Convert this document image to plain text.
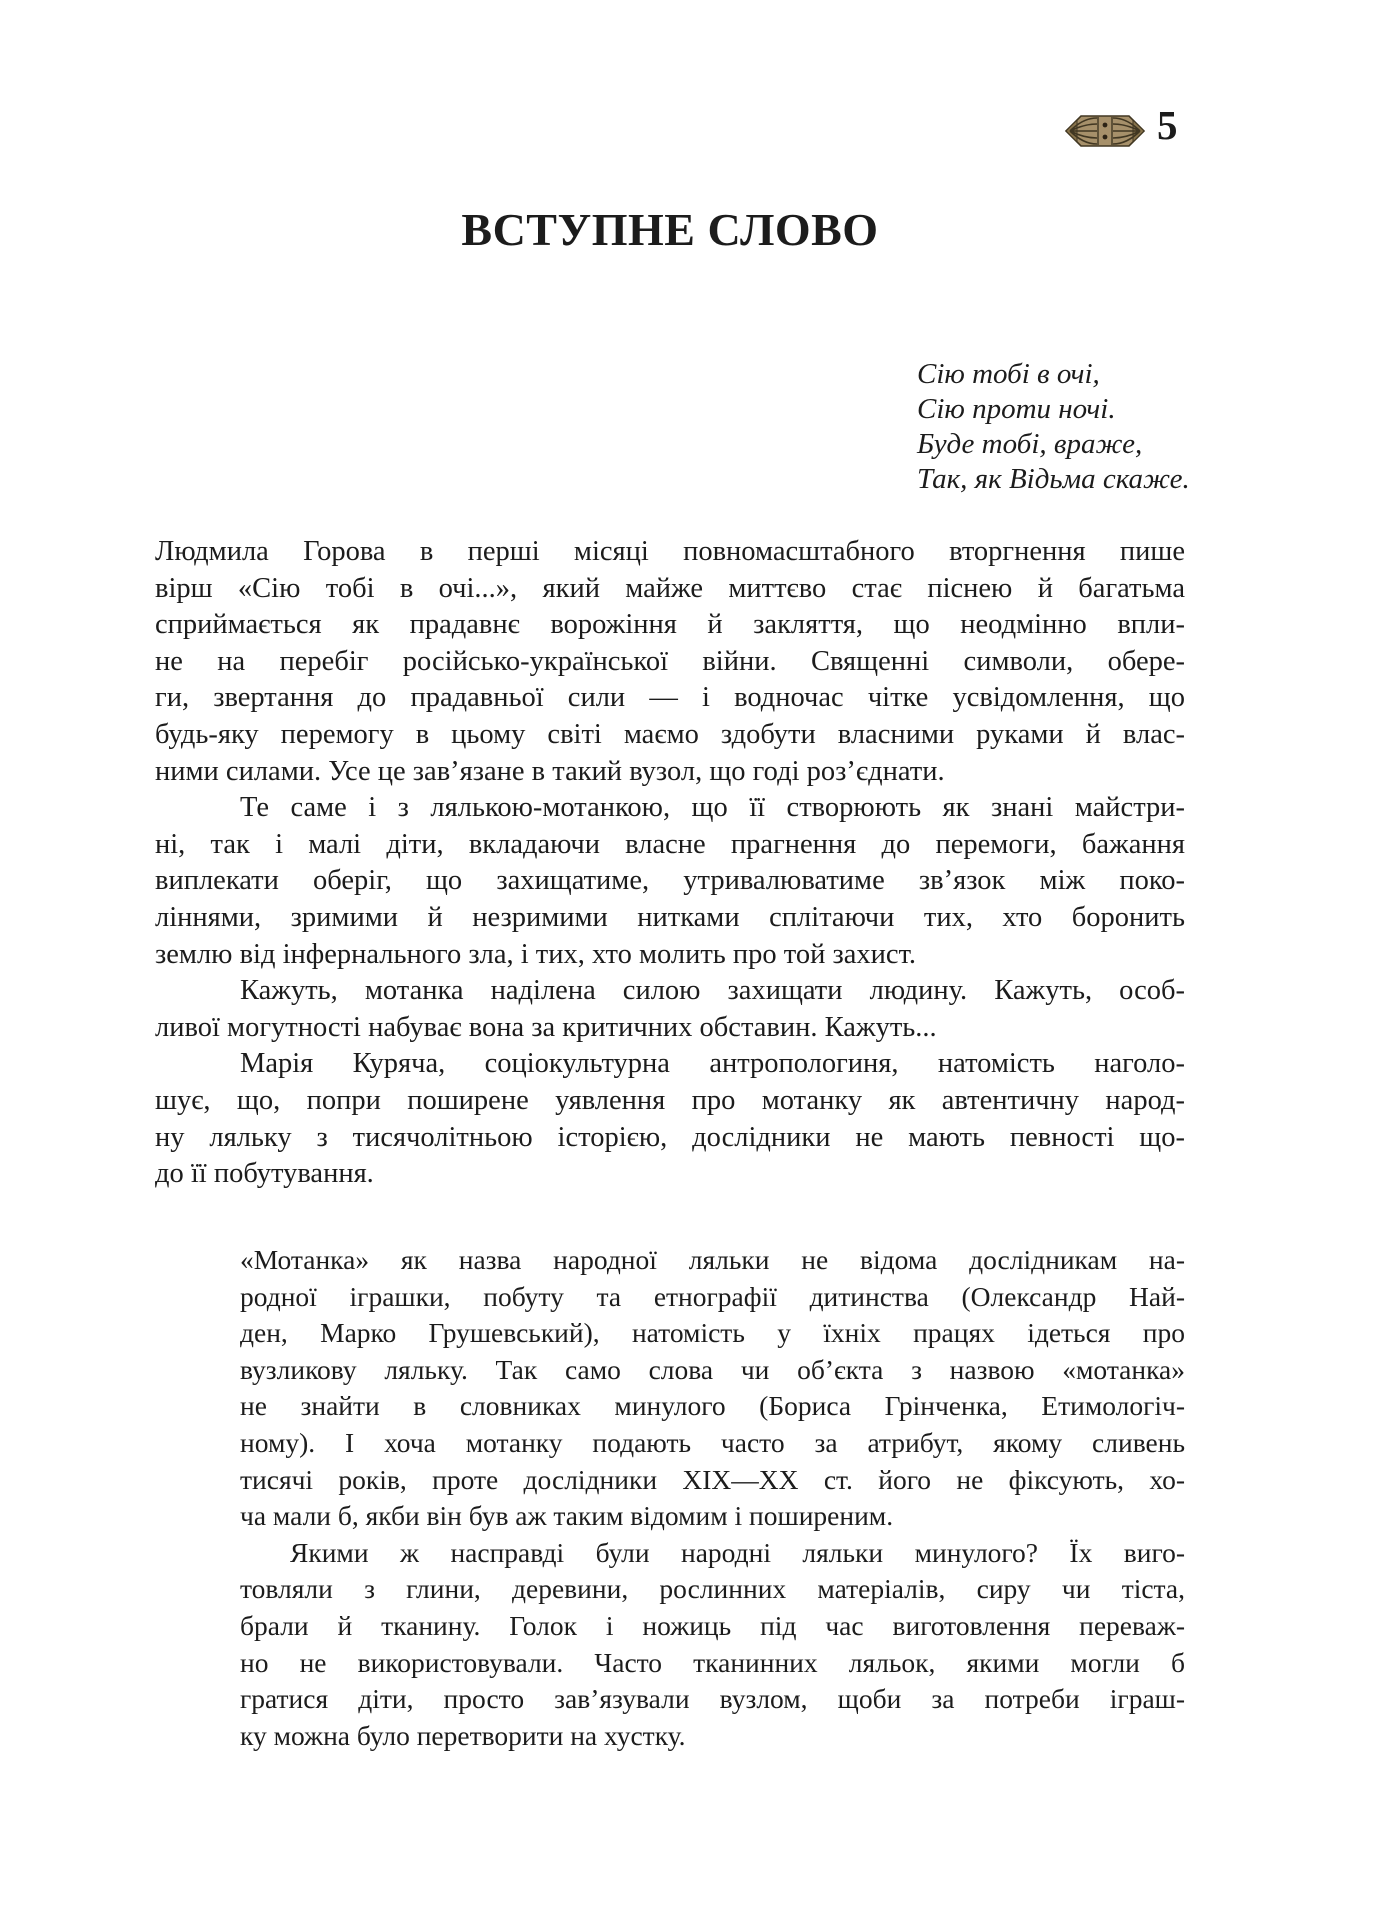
5
ВСТУПНЕ СЛОВО
Сію тобі в очі,
Сію проти ночі.
Буде тобі, враже,
Так, як Відьма скаже.
Людмила Горова в перші місяці повномасштабного вторгнення пише
вірш «Сію тобі в очі...», який майже миттєво стає піснею й багатьма
сприймається як прадавнє ворожіння й закляття, що неодмінно впли-
не на перебіг російсько-української війни. Священні символи, обере-
ги, звертання до прадавньої сили — і водночас чітке усвідомлення, що
будь-яку перемогу в цьому світі маємо здобути власними руками й влас-
ними силами. Усе це зав’язане в такий вузол, що годі роз’єднати.
Те саме і з лялькою-мотанкою, що її створюють як знані майстри-
ні, так і малі діти, вкладаючи власне прагнення до перемоги, бажання
виплекати оберіг, що захищатиме, утривалюватиме зв’язок між поко-
ліннями, зримими й незримими нитками сплітаючи тих, хто боронить
землю від інфернального зла, і тих, хто молить про той захист.
Кажуть, мотанка наділена силою захищати людину. Кажуть, особ-
ливої могутності набуває вона за критичних обставин. Кажуть...
Марія Куряча, соціокультурна антропологиня, натомість наголо-
шує, що, попри поширене уявлення про мотанку як автентичну народ-
ну ляльку з тисячолітньою історією, дослідники не мають певності що-
до її побутування.
«Мотанка» як назва народної ляльки не відома дослідникам на-
родної іграшки, побуту та етнографії дитинства (Олександр Най-
ден, Марко Грушевський), натомість у їхніх працях ідеться про
вузликову ляльку. Так само слова чи об’єкта з назвою «мотанка»
не знайти в словниках минулого (Бориса Грінченка, Етимологіч-
ному). І хоча мотанку подають часто за атрибут, якому сливень
тисячі років, проте дослідники XIX—XX ст. його не фіксують, хо-
ча мали б, якби він був аж таким відомим і поширеним.
Якими ж насправді були народні ляльки минулого? Їх виго-
товляли з глини, деревини, рослинних матеріалів, сиру чи тіста,
брали й тканину. Голок і ножиць під час виготовлення переваж-
но не використовували. Часто тканинних ляльок, якими могли б
гратися діти, просто зав’язували вузлом, щоби за потреби іграш-
ку можна було перетворити на хустку.
